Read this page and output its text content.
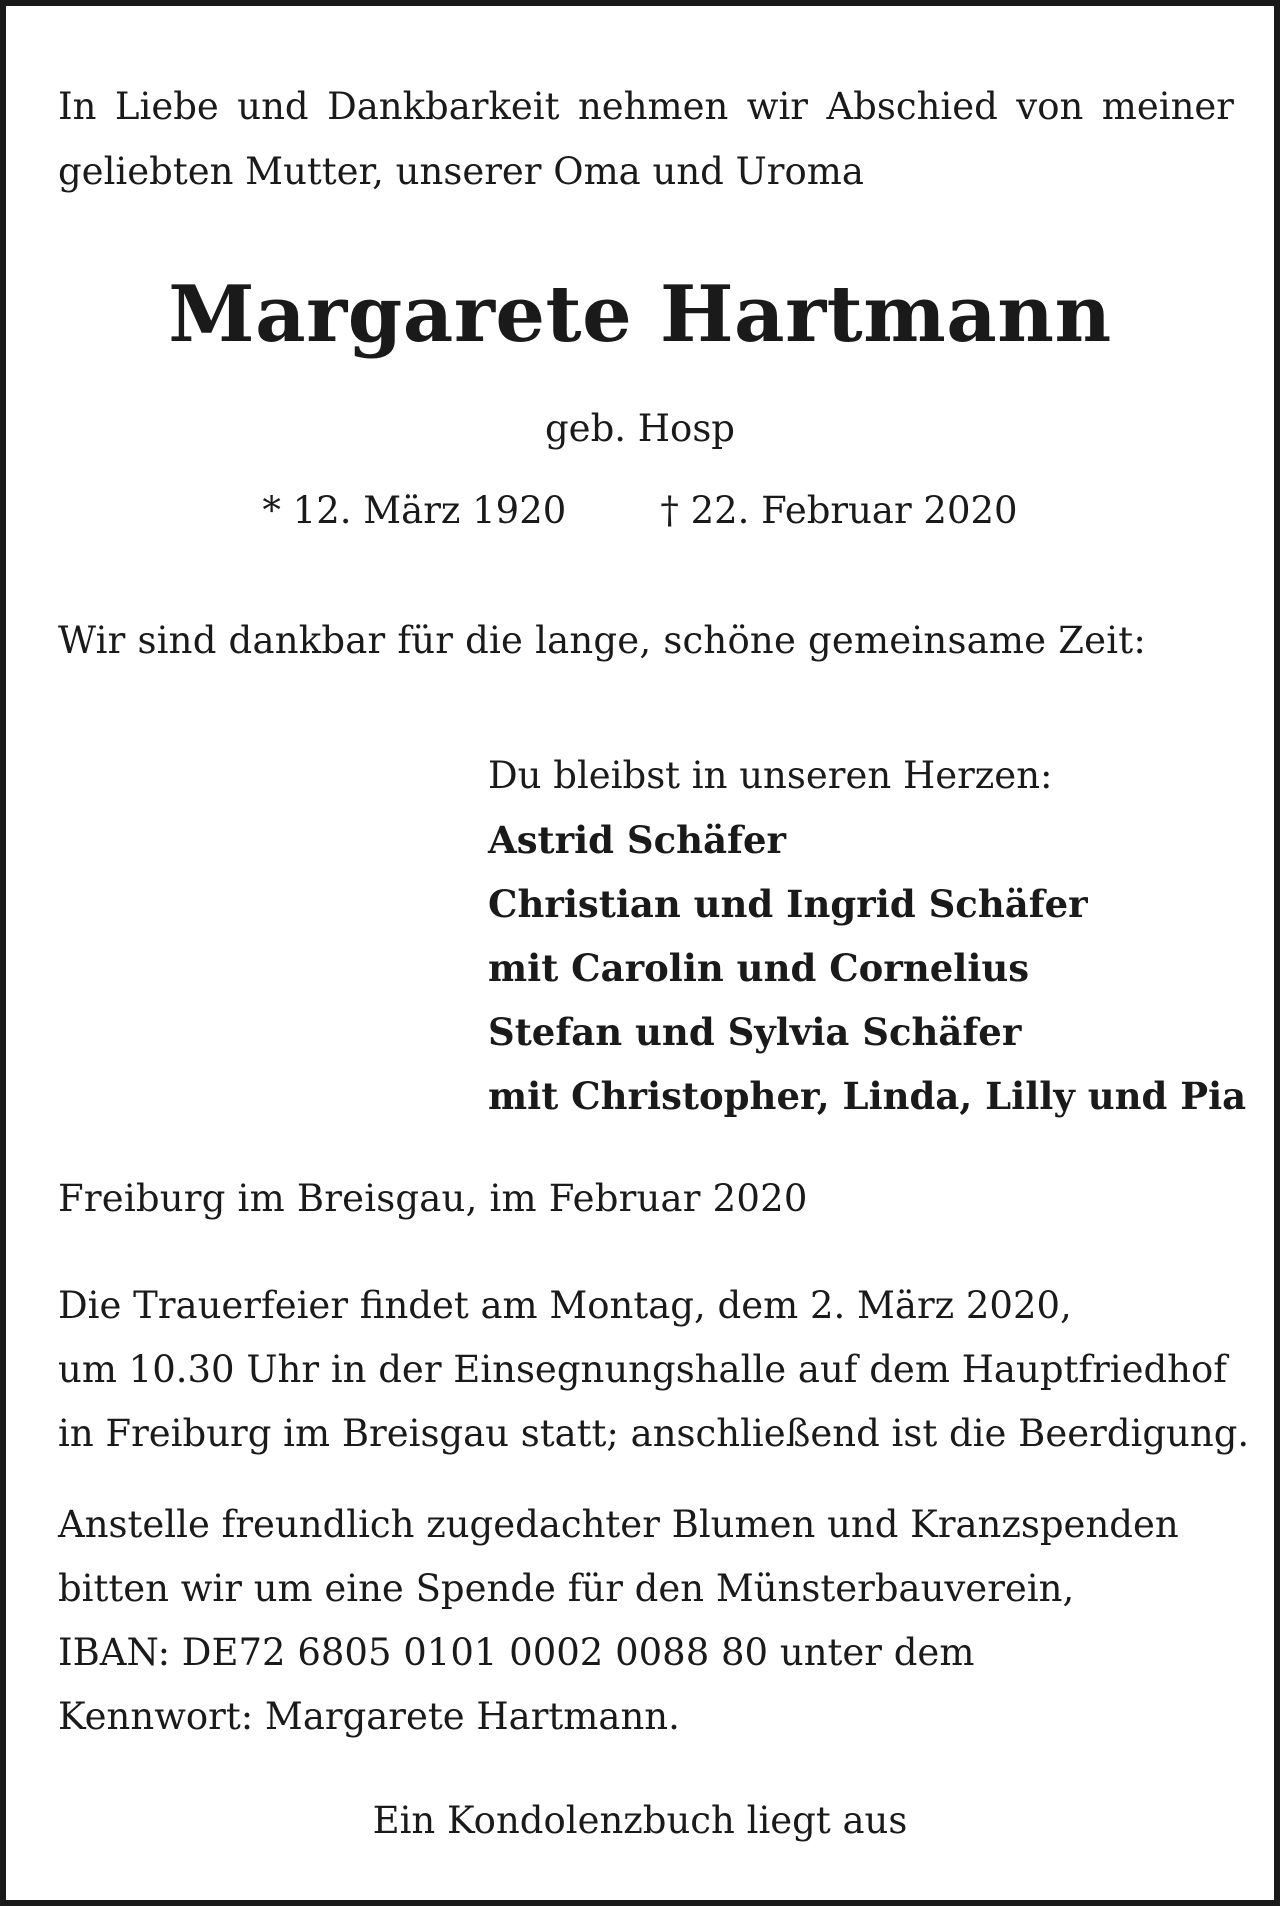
In Liebe und Dankbarkeit nehmen wir Abschied von meiner geliebten Mutter, unserer Oma und Uroma
Margarete Hartmann
geb. Hosp
* 12. März 1920	† 22. Februar 2020
Wir sind dankbar für die lange, schöne gemeinsame Zeit:
Du bleibst in unseren Herzen:
Astrid Schäfer
Christian und Ingrid Schäfer
mit Carolin und Cornelius
Stefan und Sylvia Schäfer
mit Christopher, Linda, Lilly und Pia
Freiburg im Breisgau, im Februar 2020
Die Trauerfeier findet am Montag, dem 2. März 2020,
um 10.30 Uhr in der Einsegnungshalle auf dem Hauptfriedhof
in Freiburg im Breisgau statt; anschließend ist die Beerdigung.
Anstelle freundlich zugedachter Blumen und Kranzspenden
bitten wir um eine Spende für den Münsterbauverein,
IBAN: DE72 6805 0101 0002 0088 80 unter dem
Kennwort: Margarete Hartmann.
Ein Kondolenzbuch liegt aus
